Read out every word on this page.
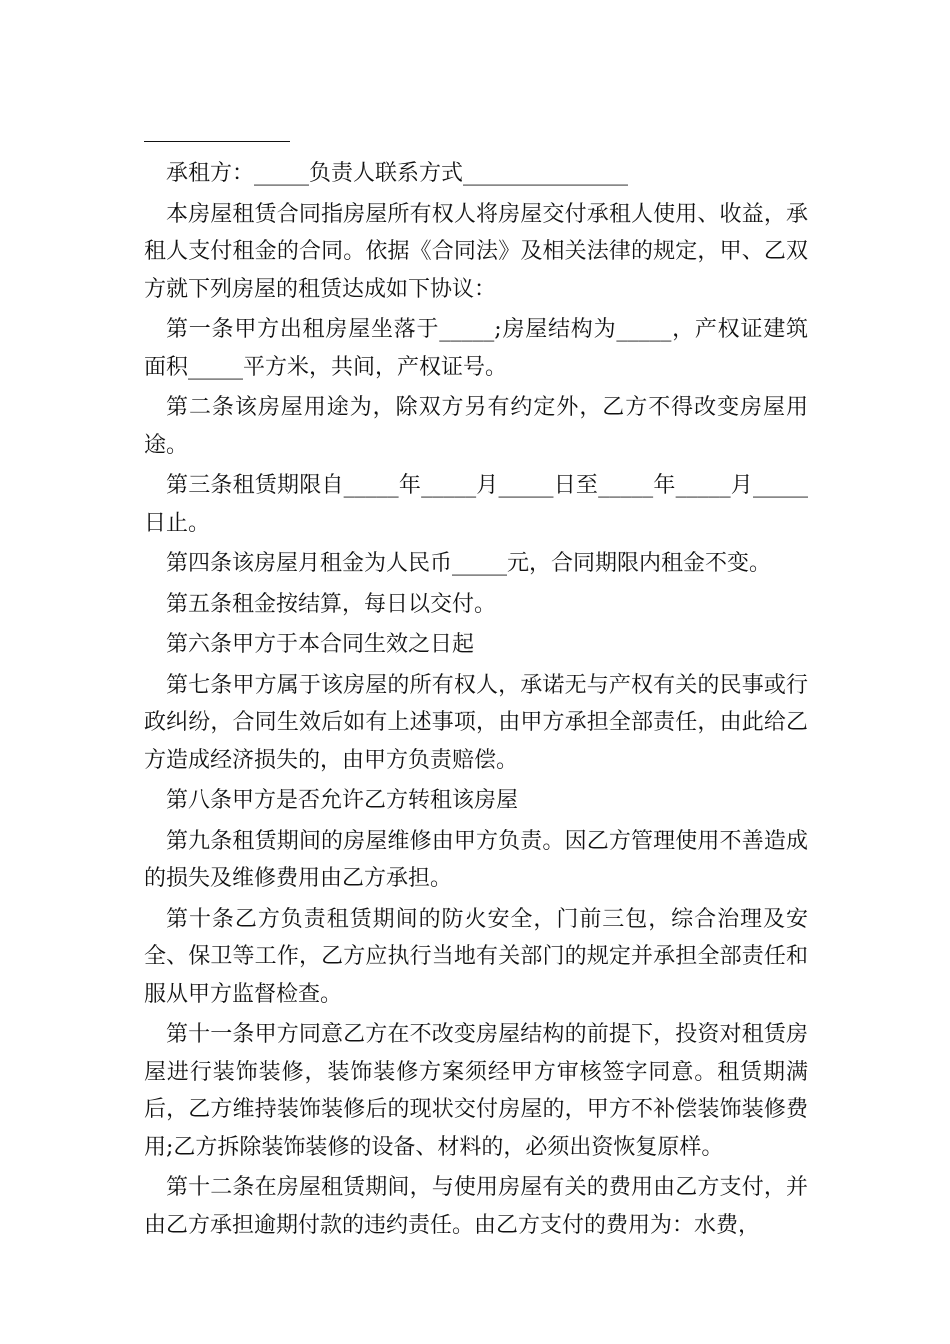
承租方：_____负责人联系方式_______________

本房屋租赁合同指房屋所有权人将房屋交付承租人使用、收益，承租人支付租金的合同。依据《合同法》及相关法律的规定，甲、乙双方就下列房屋的租赁达成如下协议：

第一条甲方出租房屋坐落于_____;房屋结构为_____，产权证建筑面积_____平方米，共间，产权证号。

第二条该房屋用途为，除双方另有约定外，乙方不得改变房屋用途。

第三条租赁期限自_____年_____月_____日至_____年_____月_____日止。

第四条该房屋月租金为人民币_____元，合同期限内租金不变。

第五条租金按结算，每日以交付。

第六条甲方于本合同生效之日起

第七条甲方属于该房屋的所有权人，承诺无与产权有关的民事或行政纠纷，合同生效后如有上述事项，由甲方承担全部责任，由此给乙方造成经济损失的，由甲方负责赔偿。

第八条甲方是否允许乙方转租该房屋

第九条租赁期间的房屋维修由甲方负责。因乙方管理使用不善造成的损失及维修费用由乙方承担。

第十条乙方负责租赁期间的防火安全，门前三包，综合治理及安全、保卫等工作，乙方应执行当地有关部门的规定并承担全部责任和服从甲方监督检查。

第十一条甲方同意乙方在不改变房屋结构的前提下，投资对租赁房屋进行装饰装修，装饰装修方案须经甲方审核签字同意。租赁期满后，乙方维持装饰装修后的现状交付房屋的，甲方不补偿装饰装修费用;乙方拆除装饰装修的设备、材料的，必须出资恢复原样。

第十二条在房屋租赁期间，与使用房屋有关的费用由乙方支付，并由乙方承担逾期付款的违约责任。由乙方支付的费用为：水费，
